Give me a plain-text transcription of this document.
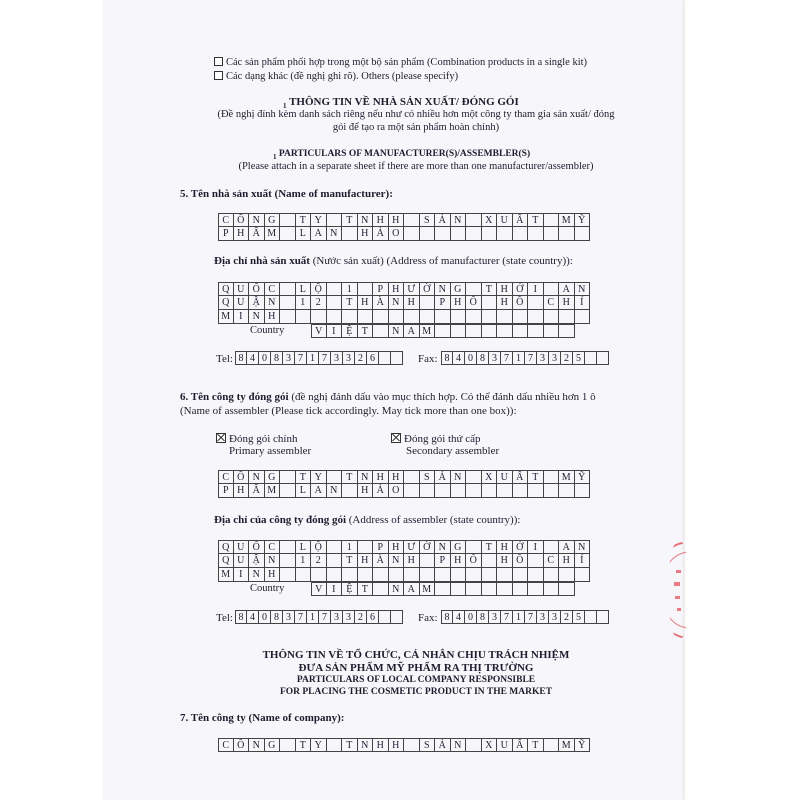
Các sản phẩm phối hợp trong một bộ sản phẩm (Combination products in a single kit)
Các dạng khác (đề nghị ghi rõ). Others (please specify)
$_1$ THÔNG TIN VỀ NHÀ SẢN XUẤT/ ĐÓNG GÓI
(Đề nghị đính kèm danh sách riêng nếu như có nhiều hơn một công ty tham gia sản xuất/ đóng
gói để tạo ra một sản phẩm hoàn chỉnh)
$_1$ PARTICULARS OF MANUFACTURER(S)/ASSEMBLER(S)
(Please attach in a separate sheet if there are more than one manufacturer/assembler)
5. Tên nhà sản xuất (Name of manufacturer):
C Ô N G	T Y	T N H H	S Ả N	X U Ấ T	M Ỹ
P H Ấ M	L A N	H Ả O
Địa chỉ nhà sản xuất (Nước sản xuất) (Address of manufacturer (state country)):
Q U Ố C	L Ộ	1	P H Ư Ờ N G	T H Ớ	I	A N
Q U Ậ N	1	2	T H À N H	P H Ố	H Ồ	C H	Í
M I	N H
Country	V I	Ệ T	N A M
Tel: 8 4 0 8 3 7 1 7 3 3 2 6	Fax: 8 4 0 8 3 7 1 7 3 3 2 5
6. Tên công ty đóng gói (đề nghị đánh dấu vào mục thích hợp. Có thể đánh dấu nhiều hơn 1 ô
(Name of assembler (Please tick accordingly. May tick more than one box)):
Đóng gói chính
Primary assembler
Đóng gói thứ cấp
Secondary assembler
C Ô N G	T Y	T N H H	S Ả N	X U Ấ T	M Ỹ
P H Ấ M	L A N	H Ả O
Địa chỉ của công ty đóng gói (Address of assembler (state country)):
Q U Ố C	L Ộ	1	P H Ư Ờ N G	T H Ớ	I	A N
Q U Ậ N	1	2	T H À N H	P H Ố	H Ồ	C H	Í
M I	N H
Country	V I	Ệ T	N A M
Tel: 8 4 0 8 3 7 1 7 3 3 2 6	Fax: 8 4 0 8 3 7 1 7 3 3 2 5
THÔNG TIN VỀ TỔ CHỨC, CÁ NHÂN CHỊU TRÁCH NHIỆM
ĐƯA SẢN PHẨM MỸ PHẨM RA THỊ TRƯỜNG
PARTICULARS OF LOCAL COMPANY RESPONSIBLE
FOR PLACING THE COSMETIC PRODUCT IN THE MARKET
7. Tên công ty (Name of company):
C Ô N G	T Y	T N H H	S Ả N	X U Ấ T	M Ỹ
